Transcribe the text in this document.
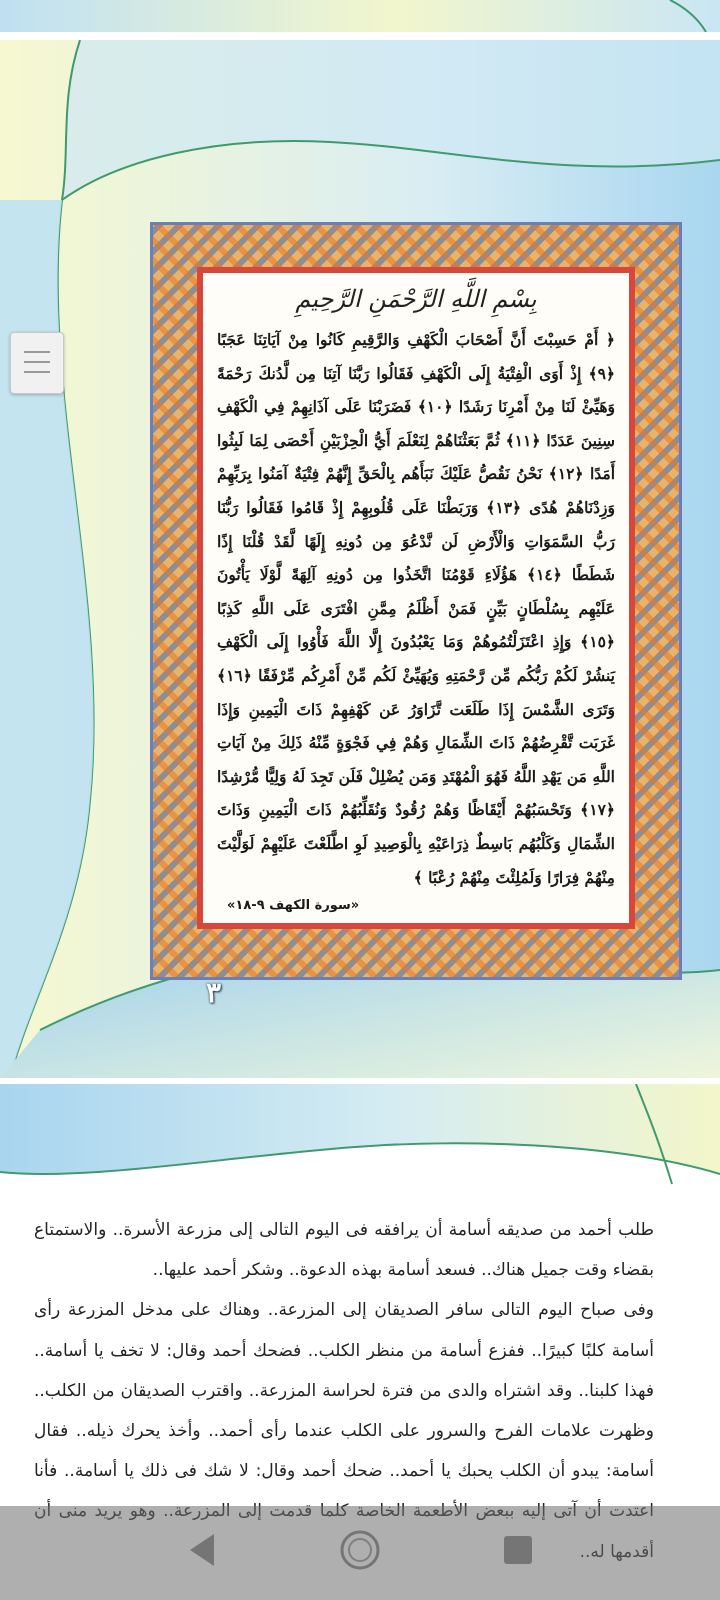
بِسْمِ اللَّهِ الرَّحْمَنِ الرَّحِيمِ

﴿ أَمْ حَسِبْتَ أَنَّ أَصْحَابَ الْكَهْفِ وَالرَّقِيمِ كَانُوا مِنْ آيَاتِنَا عَجَبًا ﴿٩﴾ إِذْ أَوَى الْفِتْيَةُ إِلَى الْكَهْفِ فَقَالُوا رَبَّنَا آتِنَا مِن لَّدُنكَ رَحْمَةً وَهَيِّئْ لَنَا مِنْ أَمْرِنَا رَشَدًا ﴿١٠﴾ فَضَرَبْنَا عَلَى آذَانِهِمْ فِي الْكَهْفِ سِنِينَ عَدَدًا ﴿١١﴾ ثُمَّ بَعَثْنَاهُمْ لِنَعْلَمَ أَيُّ الْحِزْبَيْنِ أَحْصَى لِمَا لَبِثُوا أَمَدًا ﴿١٢﴾ نَحْنُ نَقُصُّ عَلَيْكَ نَبَأَهُم بِالْحَقِّ إِنَّهُمْ فِتْيَةٌ آمَنُوا بِرَبِّهِمْ وَزِدْنَاهُمْ هُدًى ﴿١٣﴾ وَرَبَطْنَا عَلَى قُلُوبِهِمْ إِذْ قَامُوا فَقَالُوا رَبُّنَا رَبُّ السَّمَوَاتِ وَالْأَرْضِ لَن نَّدْعُوَ مِن دُونِهِ إِلَهًا لَّقَدْ قُلْنَا إِذًا شَطَطًا ﴿١٤﴾ هَؤُلَاءِ قَوْمُنَا اتَّخَذُوا مِن دُونِهِ آلِهَةً لَّوْلَا يَأْتُونَ عَلَيْهِم بِسُلْطَانٍ بَيِّنٍ فَمَنْ أَظْلَمُ مِمَّنِ افْتَرَى عَلَى اللَّهِ كَذِبًا ﴿١٥﴾ وَإِذِ اعْتَزَلْتُمُوهُمْ وَمَا يَعْبُدُونَ إِلَّا اللَّهَ فَأْوُوا إِلَى الْكَهْفِ يَنشُرْ لَكُمْ رَبُّكُم مِّن رَّحْمَتِهِ وَيُهَيِّئْ لَكُم مِّنْ أَمْرِكُم مِّرْفَقًا ﴿١٦﴾ وَتَرَى الشَّمْسَ إِذَا طَلَعَت تَّزَاوَرُ عَن كَهْفِهِمْ ذَاتَ الْيَمِينِ وَإِذَا غَرَبَت تَّقْرِضُهُمْ ذَاتَ الشِّمَالِ وَهُمْ فِي فَجْوَةٍ مِّنْهُ ذَلِكَ مِنْ آيَاتِ اللَّهِ مَن يَهْدِ اللَّهُ فَهُوَ الْمُهْتَدِ وَمَن يُضْلِلْ فَلَن تَجِدَ لَهُ وَلِيًّا مُّرْشِدًا ﴿١٧﴾ وَتَحْسَبُهُمْ أَيْقَاظًا وَهُمْ رُقُودٌ وَنُقَلِّبُهُمْ ذَاتَ الْيَمِينِ وَذَاتَ الشِّمَالِ وَكَلْبُهُم بَاسِطٌ ذِرَاعَيْهِ بِالْوَصِيدِ لَوِ اطَّلَعْتَ عَلَيْهِمْ لَوَلَّيْتَ مِنْهُمْ فِرَارًا وَلَمُلِئْتَ مِنْهُمْ رُعْبًا ﴾

«سورة الكهف ٩-١٨»
٣

طلب أحمد من صديقه أسامة أن يرافقه فى اليوم التالى إلى مزرعة الأسرة.. والاستمتاع بقضاء وقت جميل هناك.. فسعد أسامة بهذه الدعوة.. وشكر أحمد عليها..

وفى صباح اليوم التالى سافر الصديقان إلى المزرعة.. وهناك على مدخل المزرعة رأى أسامة كلبًا كبيرًا.. ففزع أسامة من منظر الكلب.. فضحك أحمد وقال: لا تخف يا أسامة.. فهذا كلبنا.. وقد اشتراه والدى من فترة لحراسة المزرعة.. واقترب الصديقان من الكلب.. وظهرت علامات الفرح والسرور على الكلب عندما رأى أحمد.. وأخذ يحرك ذيله.. فقال أسامة: يبدو أن الكلب يحبك يا أحمد.. ضحك أحمد وقال: لا شك فى ذلك يا أسامة.. فأنا
